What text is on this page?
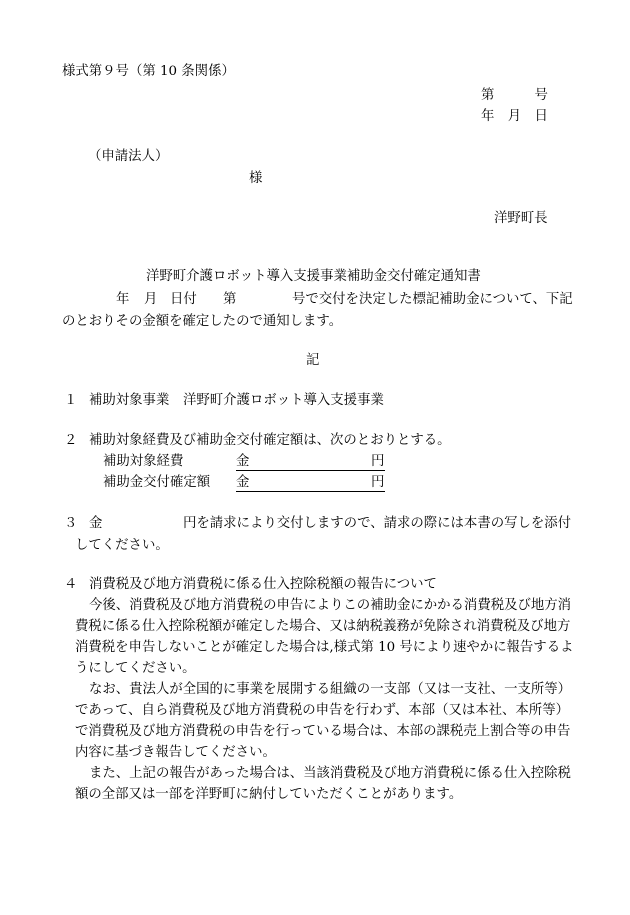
様式第９号（第 10 条関係）
第　　　号
年　月　日
（申請法人）
様
洋野町長
洋野町介護ロボット導入支援事業補助金交付確定通知書
年 月 日付 第	号で交付を決定した標記補助金について、下記
のとおりその金額を確定したので通知します。
記
１ 補助対象事業 洋野町介護ロボット導入支援事業
２ 補助対象経費及び補助金交付確定額は、次のとおりとする。
補助対象経費	金	円
補助金交付確定額 金	円
３ 金	円を請求により交付しますので、請求の際には本書の写しを添付
してください。
４ 消費税及び地方消費税に係る仕入控除税額の報告について
今後、消費税及び地方消費税の申告によりこの補助金にかかる消費税及び地方消
費税に係る仕入控除税額が確定した場合、又は納税義務が免除され消費税及び地方
消費税を申告しないことが確定した場合は,様式第 10 号により速やかに報告するよ
うにしてください。
なお、貴法人が全国的に事業を展開する組織の一支部（又は一支社、一支所等）
であって、自ら消費税及び地方消費税の申告を行わず、本部（又は本社、本所等）
で消費税及び地方消費税の申告を行っている場合は、本部の課税売上割合等の申告
内容に基づき報告してください。
また、上記の報告があった場合は、当該消費税及び地方消費税に係る仕入控除税
額の全部又は一部を洋野町に納付していただくことがあります。
